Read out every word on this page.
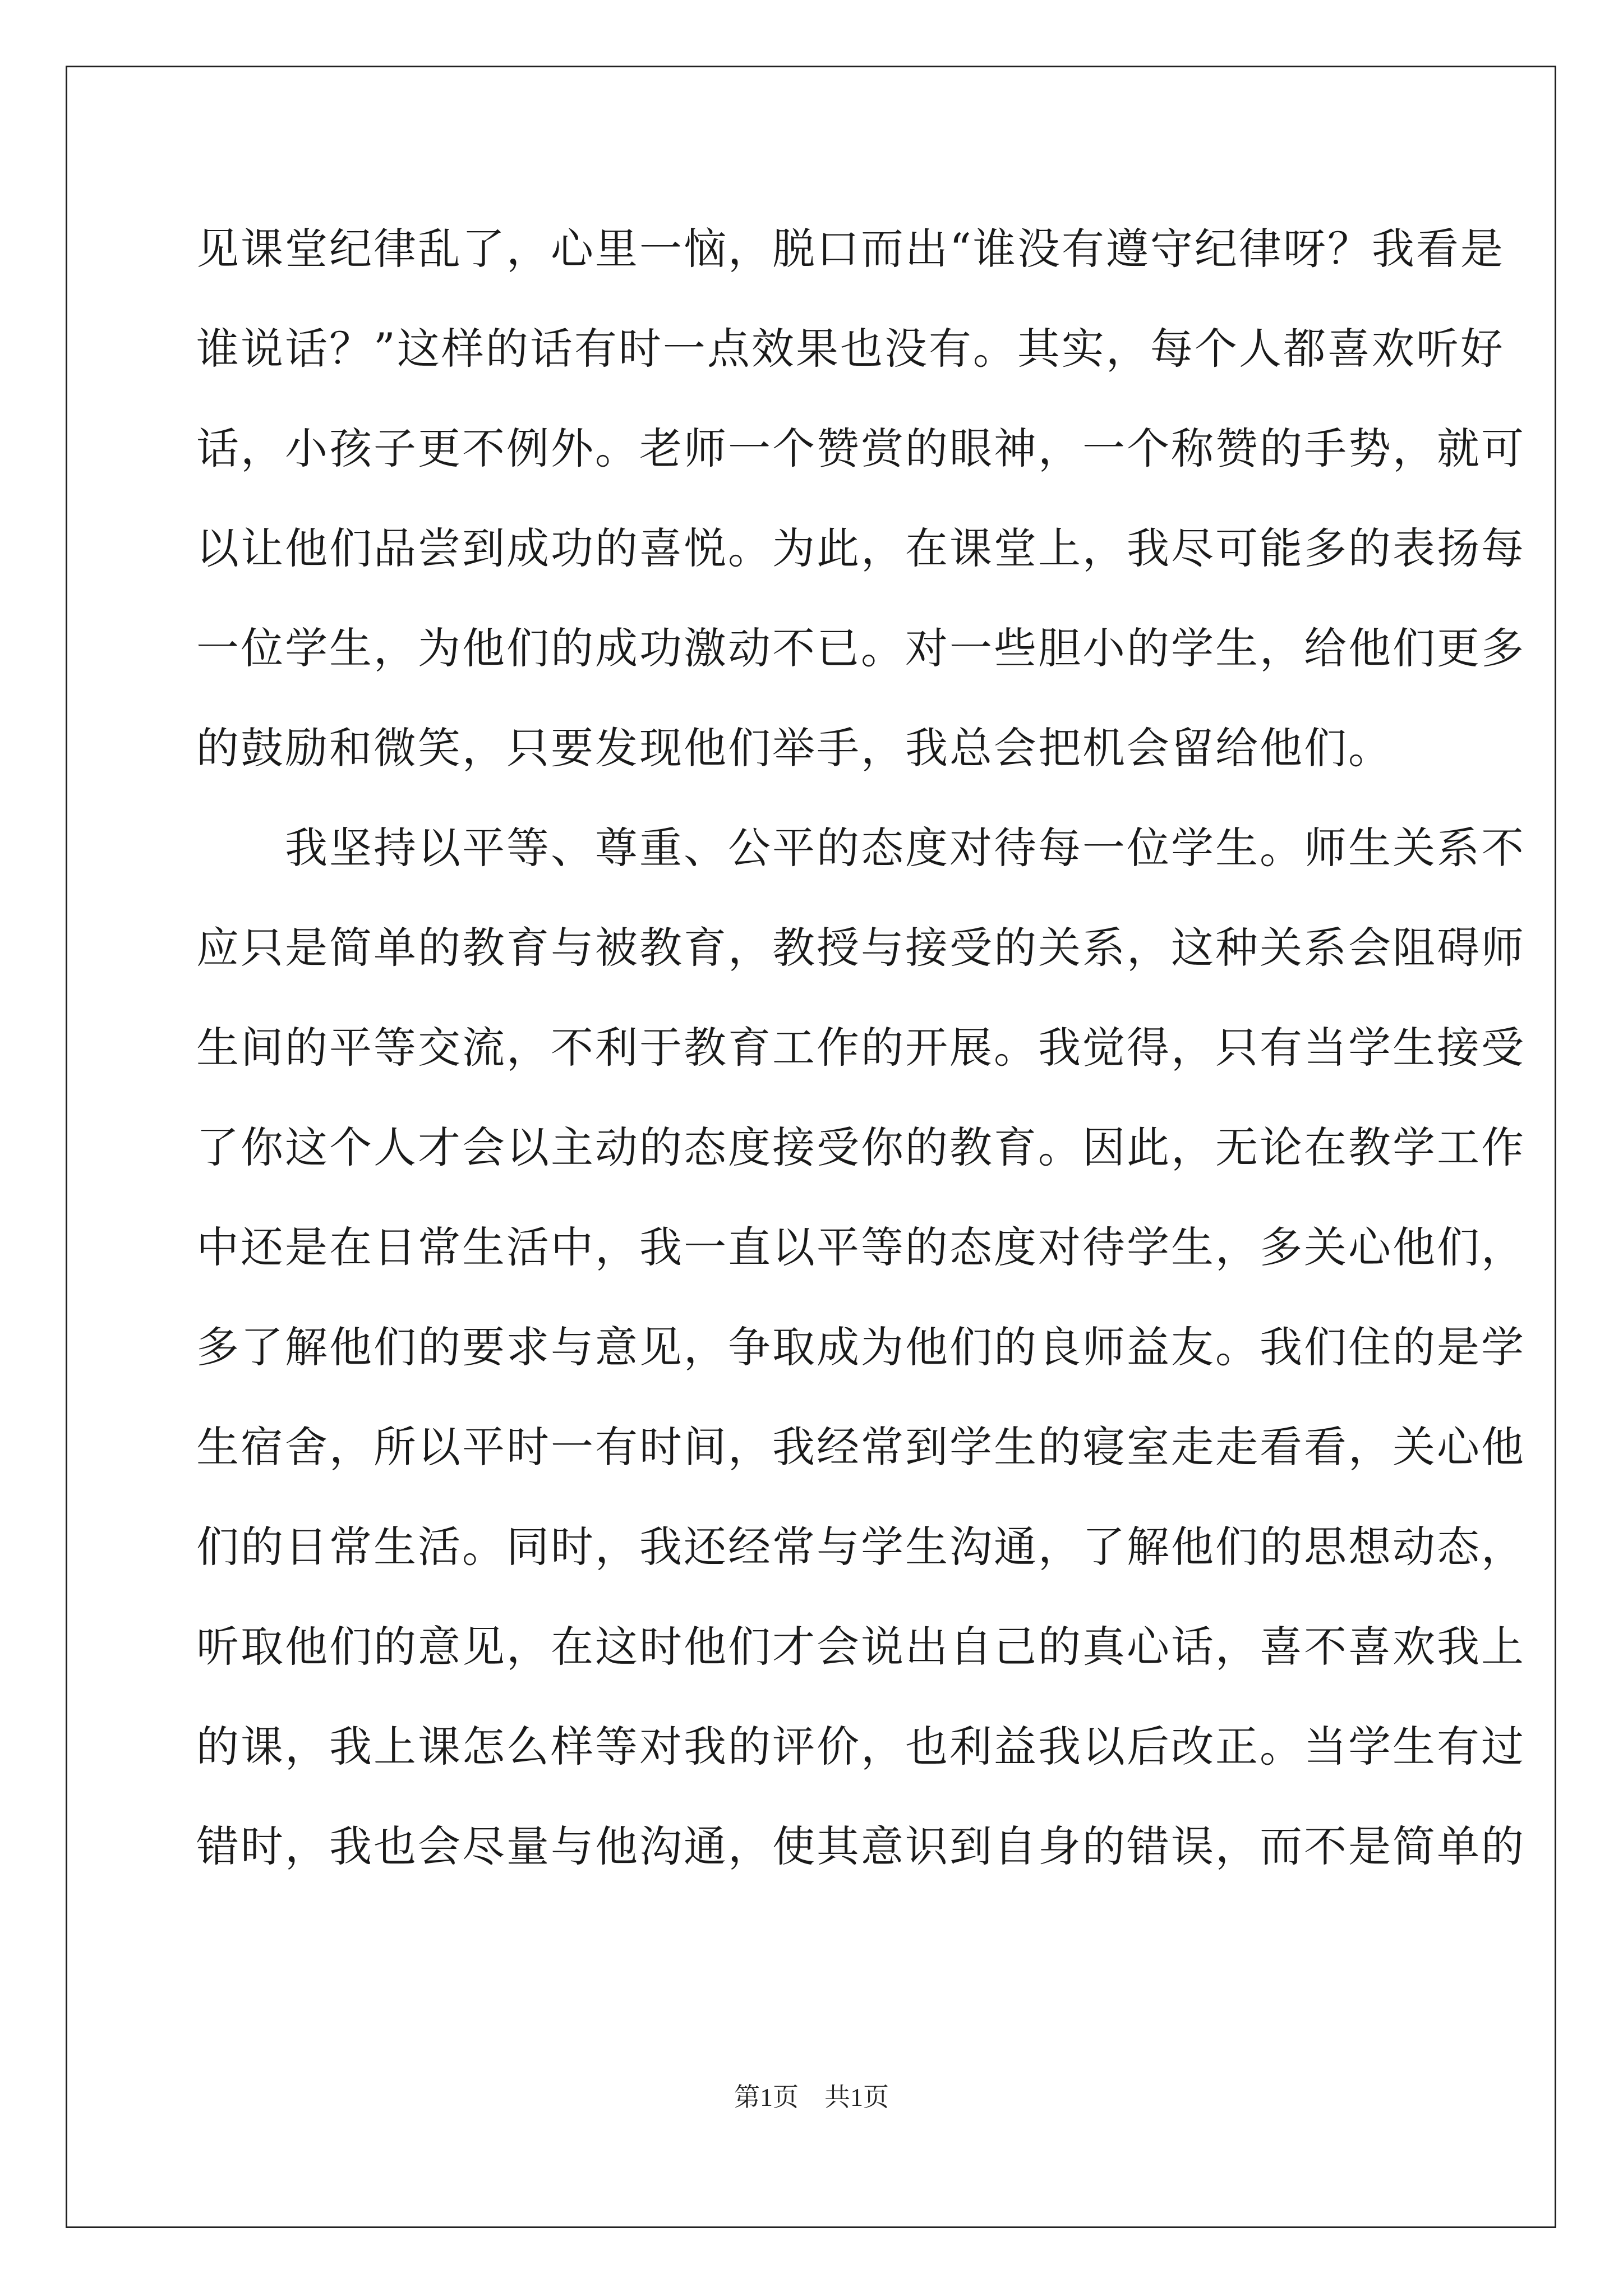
见课堂纪律乱了，心里一恼，脱口而出“谁没有遵守纪律呀？我看是
谁说话？”这样的话有时一点效果也没有。其实，每个人都喜欢听好
话，小孩子更不例外。老师一个赞赏的眼神，一个称赞的手势，就可
以让他们品尝到成功的喜悦。为此，在课堂上，我尽可能多的表扬每
一位学生，为他们的成功激动不已。对一些胆小的学生，给他们更多
的鼓励和微笑，只要发现他们举手，我总会把机会留给他们。
　　我坚持以平等、尊重、公平的态度对待每一位学生。师生关系不
应只是简单的教育与被教育，教授与接受的关系，这种关系会阻碍师
生间的平等交流，不利于教育工作的开展。我觉得，只有当学生接受
了你这个人才会以主动的态度接受你的教育。因此，无论在教学工作
中还是在日常生活中，我一直以平等的态度对待学生，多关心他们，
多了解他们的要求与意见，争取成为他们的良师益友。我们住的是学
生宿舍，所以平时一有时间，我经常到学生的寝室走走看看，关心他
们的日常生活。同时，我还经常与学生沟通，了解他们的思想动态，
听取他们的意见，在这时他们才会说出自己的真心话，喜不喜欢我上
的课，我上课怎么样等对我的评价，也利益我以后改正。当学生有过
错时，我也会尽量与他沟通，使其意识到自身的错误，而不是简单的
第1页　共1页
